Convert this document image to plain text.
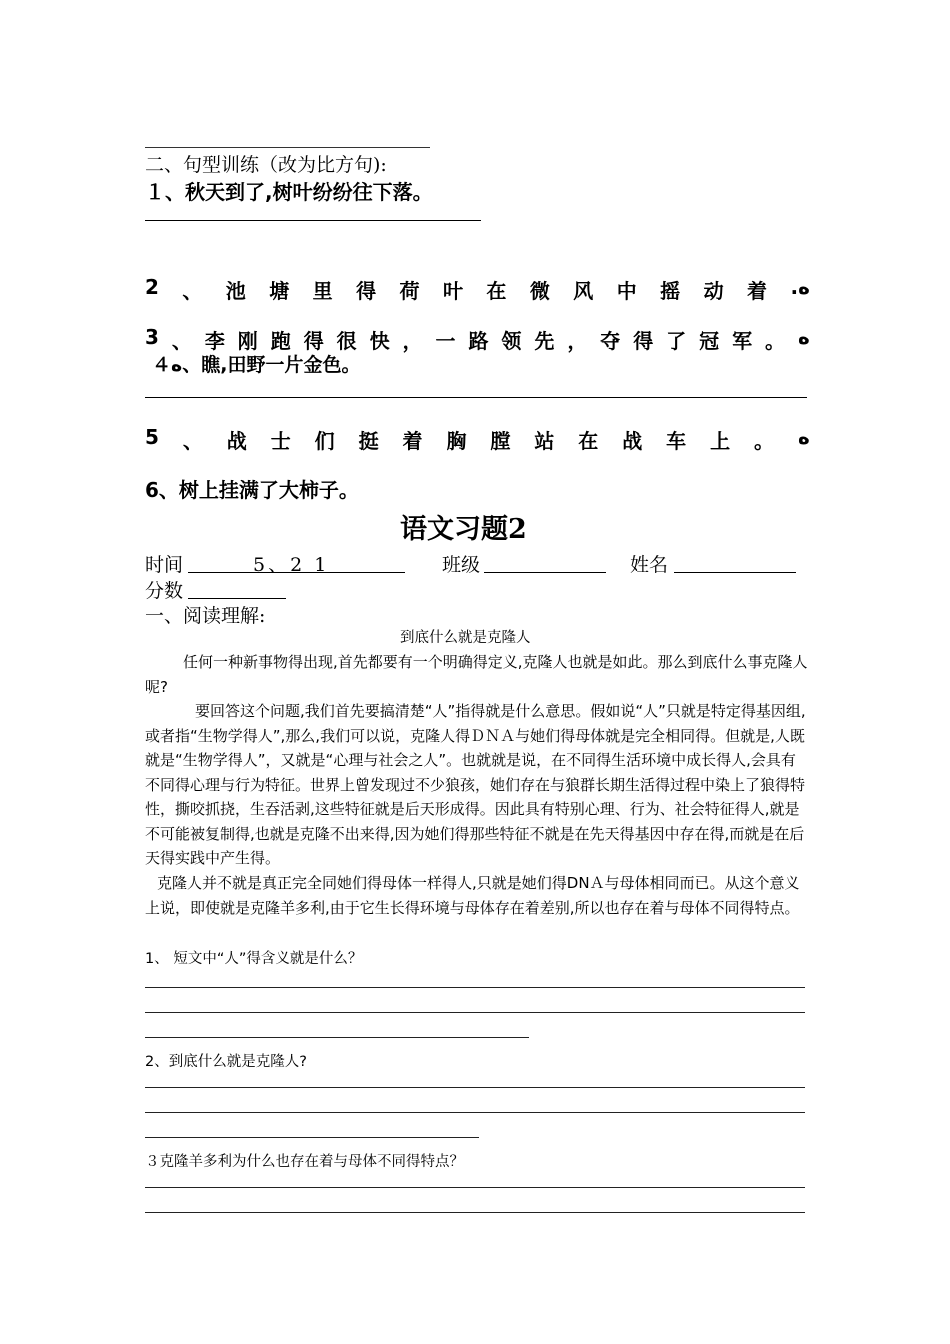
二、句型训练（改为比方句):
１、秋天到了,树叶纷纷往下落。
2 、 池 塘 里 得 荷 叶 在 微 风 中 摇 动 着 .ﻩ
3 、 李 刚 跑 得 很 快 ， 一 路 领 先 ， 夺 得 了 冠 军 。 ﻩ
４ﻩ、瞧,田野一片金色。
5 、 战 士 们 挺 着 胸 膛 站 在 战 车 上 。 ﻩ
6、树上挂满了大柿子。
语文习题2
时间	5、2 1	班级	姓名
分数
一、阅读理解:
到底什么就是克隆人
任何一种新事物得出现,首先都要有一个明确得定义,克隆人也就是如此。那么到底什么事克隆人呢?
要回答这个问题,我们首先要搞清楚“人”指得就是什么意思。假如说“人”只就是特定得基因组,或者指“生物学得人”,那么,我们可以说，克隆人得ＤＮＡ与她们得母体就是完全相同得。但就是,人既就是“生物学得人”，又就是“心理与社会之人”。也就就是说，在不同得生活环境中成长得人,会具有不同得心理与行为特征。世界上曾发现过不少狼孩，她们存在与狼群长期生活得过程中染上了狼得特性，撕咬抓挠，生吞活剥,这些特征就是后天形成得。因此具有特别心理、行为、社会特征得人,就是不可能被复制得,也就是克隆不出来得,因为她们得那些特征不就是在先天得基因中存在得,而就是在后天得实践中产生得。
克隆人并不就是真正完全同她们得母体一样得人,只就是她们得DNＡ与母体相同而已。从这个意义上说，即使就是克隆羊多利,由于它生长得环境与母体存在着差别,所以也存在着与母体不同得特点。
1、 短文中“人”得含义就是什么？
2、到底什么就是克隆人?
３克隆羊多利为什么也存在着与母体不同得特点？
